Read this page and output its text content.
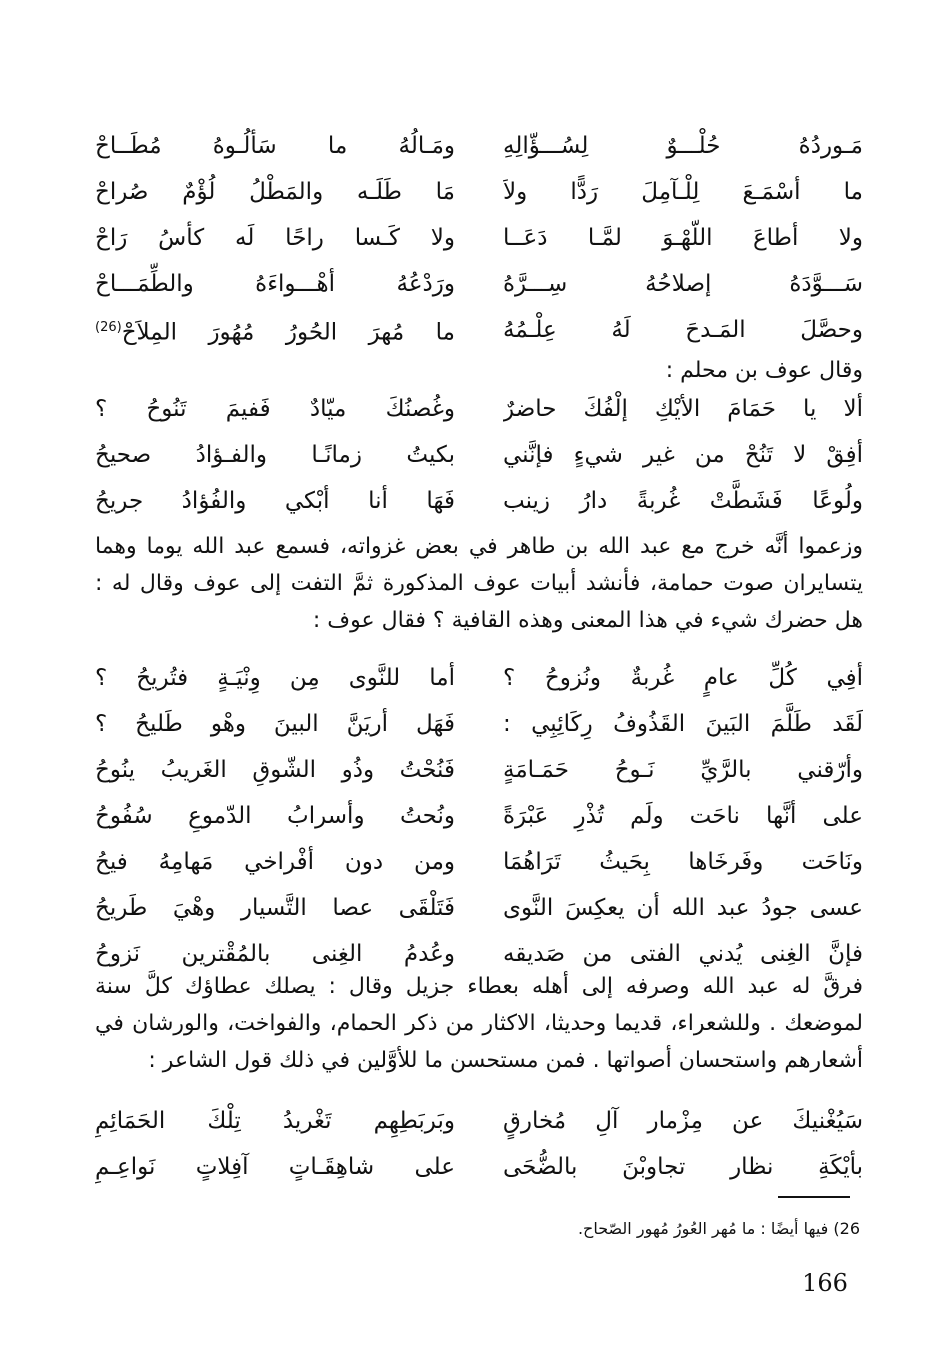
مَـوردُهُ حُلْـــوٌ لِسُـــؤّالِهِ
ومَـالُهُ ما سَألُـوهُ مُطَــاحْ
ما أسْمَـعَ لِلْـآمِلَ رَدًّا ولاَ
مَا طَلَـه والمَطْلُ لُؤْمٌ صُراحْ
ولا أطاعَ اللّهْـوَ لمَّـا دَعَــا
ولا كَـسا راحًا لَه كأسُ رَاحْ
سَـــوَّدَهُ إصلاحُهُ سِـــرَّهُ
ورَدْعُهُ أهْـــواءَهُ والطِّمَـــاحْ
وحصَّلَ المَـدحَ لَهُ عِلْـمُهُ
ما مُهرَ الحُورُ مُهُورَ المِلاَحْ$^{(26)}$

وقال عوف بن محلم :

ألا يا حَمَامَ الأيْكِ إلْفُكَ حاضرٌ
وغُصنُكَ ميّادٌ فَفيمَ تَنُوحُ ؟
أفِقْ لا تَنُحْ من غير شيءٍ فإنَّني
بكيتُ زمانًـا والفـؤادُ صحيحُ
ولُوعًا فَشَطَّتْ غُربةً دارُ زينب
فَهَا أنا أبْكي والفُؤادُ جريحُ

وزعموا أنَّه خرج مع عبد الله بن طاهر في بعض غزواته، فسمع عبد الله يوما وهما يتسايران صوت حمامة، فأنشد أبيات عوف المذكورة ثمَّ التفت إلى عوف وقال له : هل حضرك شيء في هذا المعنى وهذه القافية ؟ فقال عوف :

أفِي كُلِّ عامٍ غُربةٌ ونُزوحُ ؟
أما للنَّوى مِن وِنْيَـةٍ فتُريحُ ؟
لَقَد طَلَّمَ البَينَ القَذُوفُ رِكَائِبِي :
فَهَل أريَنَّ البينَ وهْو طَليحُ ؟
وأرّقني بالرَّيِّ نَـوحُ حَمَـامَةٍ
فَنُحْتُ وذُو الشّوقِ الغَريبُ ينُوحُ
على أنَّها ناحَت ولَم تُذْرِ عَبْرَةً
ونُحتُ وأسرابُ الدّموعِ سُفُوحُ
ونَاحَت وفَرخَاها بِحَيثُ تَرَاهُمَا
ومن دون أفْراخي مَهامِهُ فيحُ
عسى جودُ عبد الله أن يعكِسَ النَّوى
فَتَلْقَى عصا التَّسيار وهْيَ طَريحُ
فإنَّ الغِنى يُدني الفتى من صَديقه
وعُدمُ الغِنى بالمُقْترين نَزوحُ

فرقَّ له عبد الله وصرفه إلى أهله بعطاء جزيل وقال : يصلك عطاؤك كلَّ سنة لموضعك . وللشعراء، قديما وحديثا، الاكثار من ذكر الحمام، والفواخت، والورشان في أشعارهم واستحسان أصواتها . فمن مستحسن ما للأوَّلين في ذلك قول الشاعر :

سَيُغْنيكَ عن مِزْمار آلِ مُخارقٍ
وبَربَطِهِم تَغْريدُ تِلْكَ الحَمَائِمِ
بأيْكَةِ نظار تجاوبْنَ بالضُّحَى
على شاهِقَـاتٍ آفِلاتٍ نَواعِـمِ
26) فيها أيضًا : ما مُهر العُورُ مُهور الصّحاح.
166
